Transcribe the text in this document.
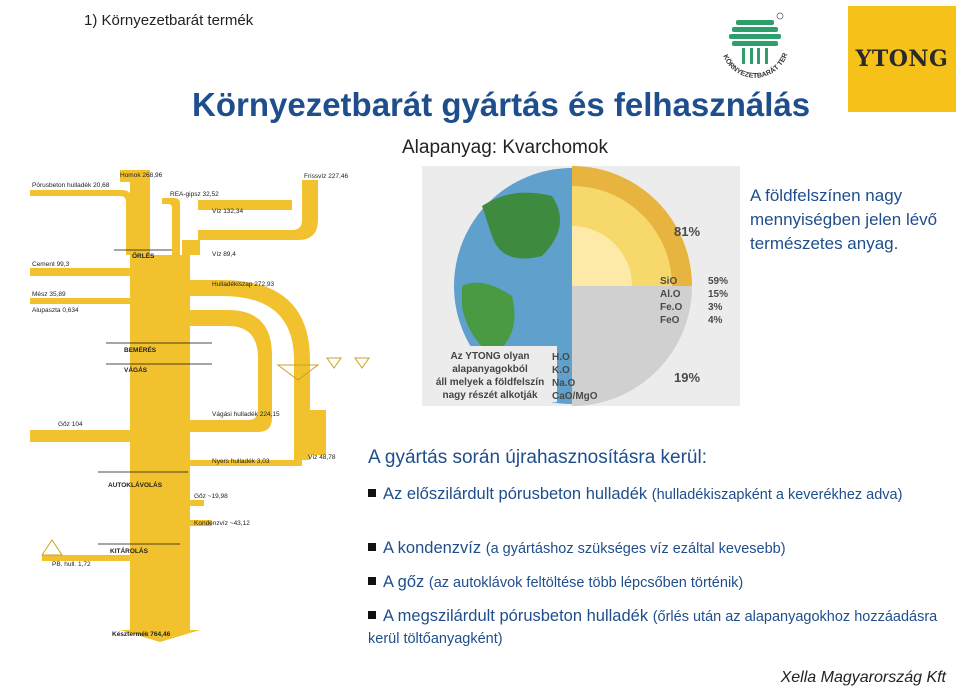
1) Környezetbarát termék
KÖRNYEZETBARÁT TER	YTONG
Környezetbarát gyártás és felhasználás
Alapanyag: Kvarchomok
Homok 268,96
Pórusbeton hulladék 20,68
REA-gipsz 32,52
Víz 132,34
Frissvíz 227,46
ŐRLÉS	Víz 89,4
Cement 99,3
Hulladékiszap 272,93
Mész 35,89
Alupaszta 0,634
BEMÉRÉS
VÁGÁS
Vágási hulladék 224,15
Gőz 104
Nyers hulladék 3,03
Víz 48,78
AUTOKLÁVOLÁS
Gőz ~19,98
Kondenzvíz ~43,12
KITÁROLÁS
PB. hull. 1,72
Késztermék 764,46
81%
19%
SiO
Al.O
Fe.O
FeO
59%
15%
3%
4%
H.O
K.O
Na.O
CaO/MgO
Az YTONG olyan
alapanyagokból
áll melyek a földfelszín
nagy részét alkotják
A földfelszínen nagy mennyiségben jelen lévő természetes anyag.
A gyártás során újrahasznosításra kerül:
Az előszilárdult pórusbeton hulladék (hulladékiszapként a keverékhez adva)
A kondenzvíz (a gyártáshoz szükséges víz ezáltal kevesebb)
A gőz (az autoklávok feltöltése több lépcsőben történik)
A megszilárdult pórusbeton hulladék (őrlés után az alapanyagokhoz hozzáadásra kerül töltőanyagként)
Xella Magyarország Kft
